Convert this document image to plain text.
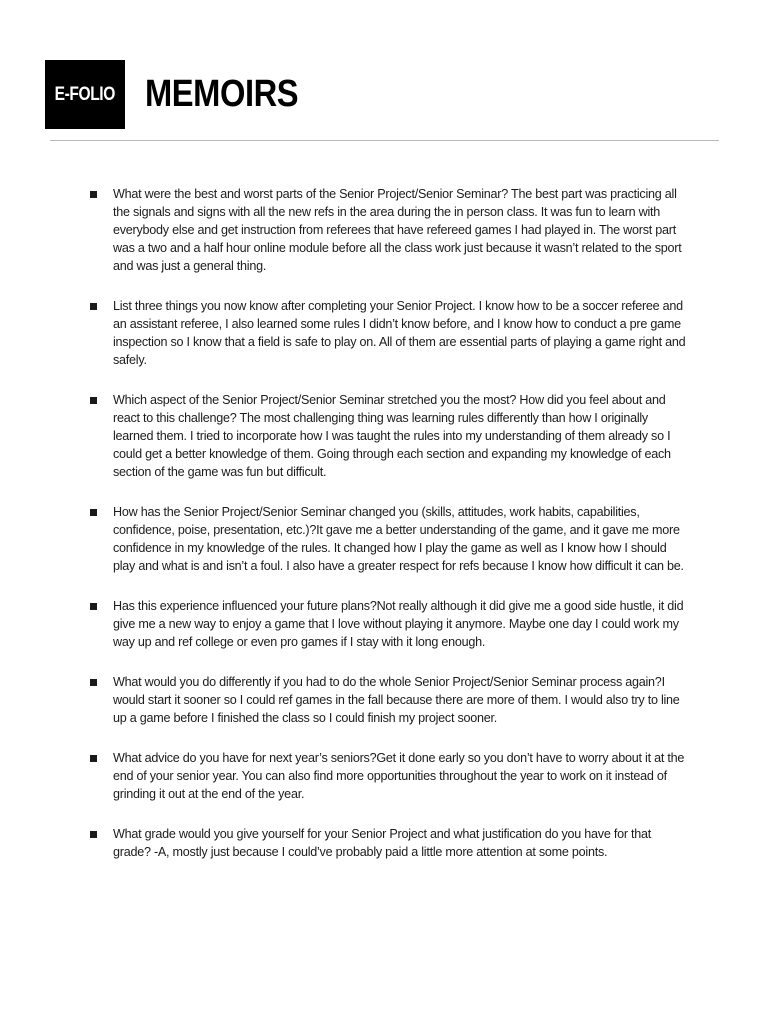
E-FOLIO MEMOIRS
What were the best and worst parts of the Senior Project/Senior Seminar? The best part was practicing all the signals and signs with all the new refs in the area during the in person class. It was fun to learn with everybody else and get instruction from referees that have refereed games I had played in. The worst part was a two and a half hour online module before all the class work just because it wasn’t related to the sport and was just a general thing.
List three things you now know after completing your Senior Project. I know how to be a soccer referee and an assistant referee, I also learned some rules I didn’t know before, and I know how to conduct a pre game inspection so I know that a field is safe to play on. All of them are essential parts of playing a game right and safely.
Which aspect of the Senior Project/Senior Seminar stretched you the most? How did you feel about and react to this challenge? The most challenging thing was learning rules differently than how I originally learned them. I tried to incorporate how I was taught the rules into my understanding of them already so I could get a better knowledge of them. Going through each section and expanding my knowledge of each section of the game was fun but difficult.
How has the Senior Project/Senior Seminar changed you (skills, attitudes, work habits, capabilities, confidence, poise, presentation, etc.)?It gave me a better understanding of the game, and it gave me more confidence in my knowledge of the rules. It changed how I play the game as well as I know how I should play and what is and isn’t a foul. I also have a greater respect for refs because I know how difficult it can be.
Has this experience influenced your future plans?Not really although it did give me a good side hustle, it did give me a new way to enjoy a game that I love without playing it anymore. Maybe one day I could work my way up and ref college or even pro games if I stay with it long enough.
What would you do differently if you had to do the whole Senior Project/Senior Seminar process again?I would start it sooner so I could ref games in the fall because there are more of them. I would also try to line up a game before I finished the class so I could finish my project sooner.
What advice do you have for next year’s seniors?Get it done early so you don’t have to worry about it at the end of your senior year. You can also find more opportunities throughout the year to work on it instead of grinding it out at the end of the year.
What grade would you give yourself for your Senior Project and what justification do you have for that grade? -A, mostly just because I could’ve probably paid a little more attention at some points.
